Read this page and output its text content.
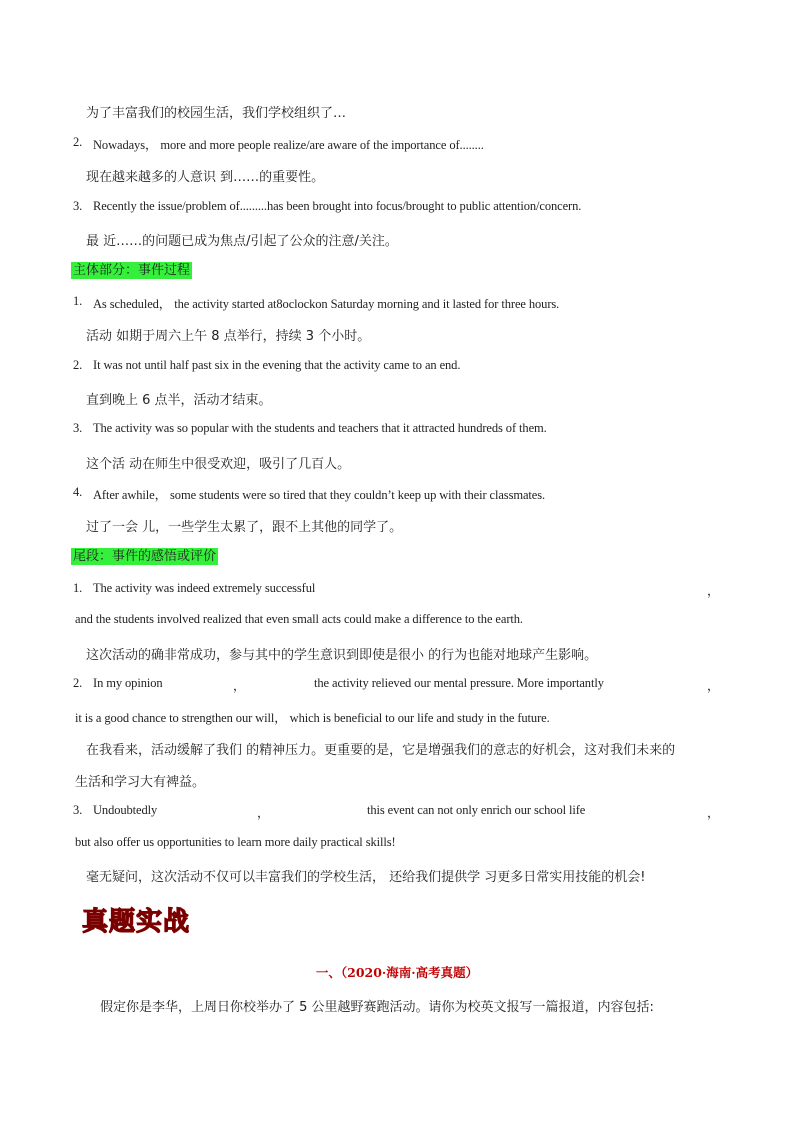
为了丰富我们的校园生活，我们学校组织了…
2. Nowadays， more and more people realize/are aware of the importance of........
现在越来越多的人意识 到……的重要性。
3. Recently the issue/problem of.........has been brought into focus/brought to public attention/concern.
最 近……的问题已成为焦点/引起了公众的注意/关注。
主体部分：事件过程
1. As scheduled， the activity started at8oclockon Saturday morning and it lasted for three hours.
活动 如期于周六上午 8 点举行，持续 3 个小时。
2. It was not until half past six in the evening that the activity came to an end.
直到晚上 6 点半，活动才结束。
3. The activity was so popular with the students and teachers that it attracted hundreds of them.
这个活 动在师生中很受欢迎，吸引了几百人。
4. After awhile， some students were so tired that they couldn’t keep up with their classmates.
过了一会 儿，一些学生太累了，跟不上其他的同学了。
尾段：事件的感悟或评价
1. The activity was indeed extremely successful	，
and the students involved realized that even small acts could make a difference to the earth.
这次活动的确非常成功，参与其中的学生意识到即使是很小 的行为也能对地球产生影响。
2. In my opinion	，	the activity relieved our mental pressure. More importantly	，
it is a good chance to strengthen our will， which is beneficial to our life and study in the future.
在我看来，活动缓解了我们 的精神压力。更重要的是，它是增强我们的意志的好机会，这对我们未来的
生活和学习大有裨益。
3. Undoubtedly	，	this event can not only enrich our school life	，
but also offer us opportunities to learn more daily practical skills!
毫无疑问，这次活动不仅可以丰富我们的学校生活， 还给我们提供学 习更多日常实用技能的机会!
真题实战
一、（2020·海南·高考真题）
假定你是李华，上周日你校举办了 5 公里越野赛跑活动。请你为校英文报写一篇报道，内容包括:
